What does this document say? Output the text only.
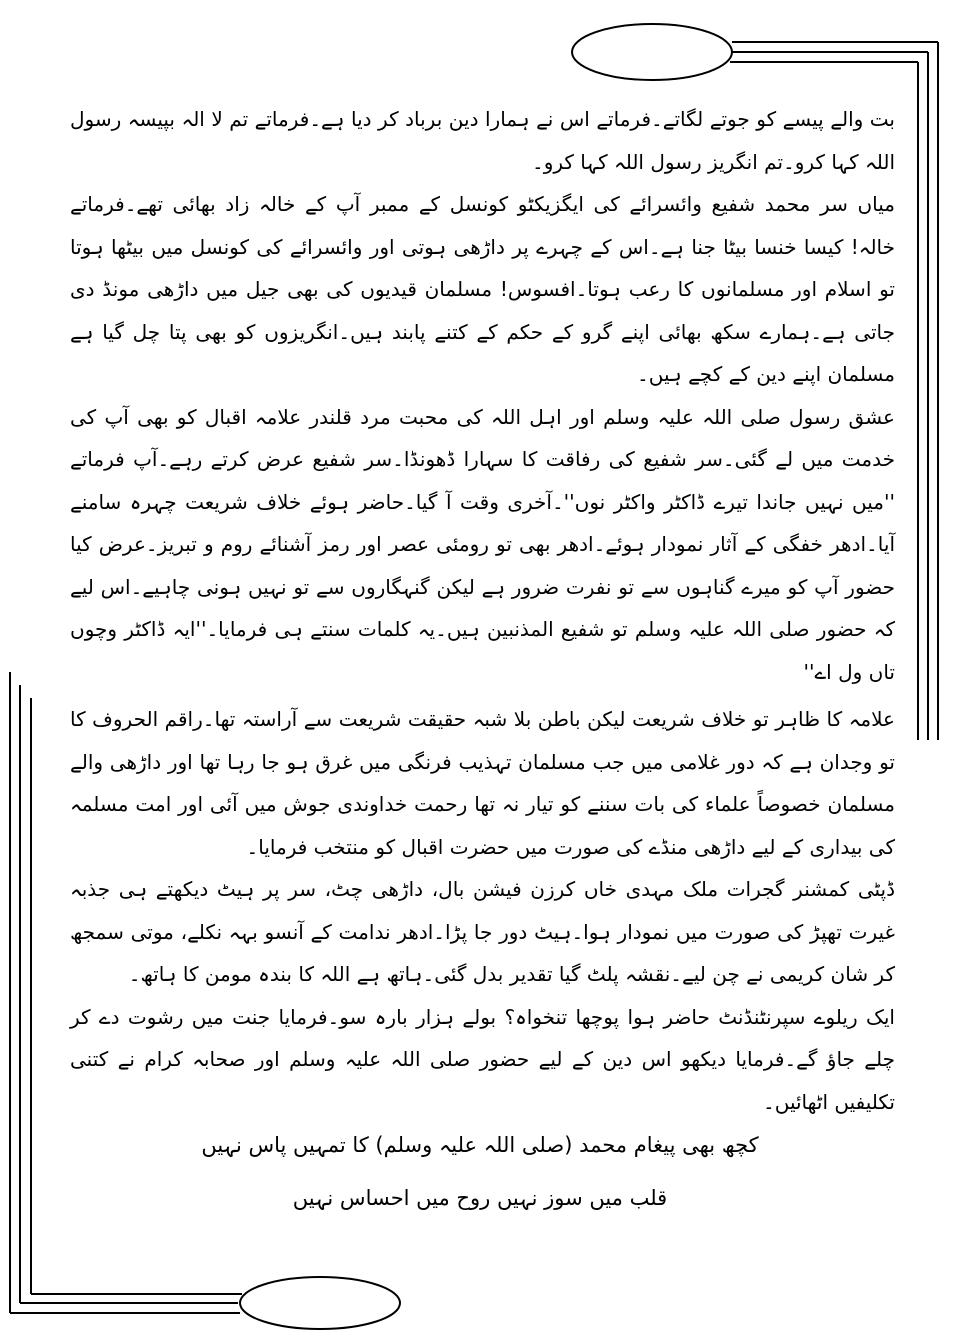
بت والے پیسے کو جوتے لگاتے۔فرماتے اس نے ہمارا دین برباد کر دیا ہے۔فرماتے تم لا الہ بپیسہ رسول اللہ کہا کرو۔تم انگریز رسول اللہ کہا کرو۔

میاں سر محمد شفیع وائسرائے کی ایگزیکٹو کونسل کے ممبر آپ کے خالہ زاد بھائی تھے۔فرماتے خالہ! کیسا خنسا بیٹا جنا ہے۔اس کے چہرے پر داڑھی ہوتی اور وائسرائے کی کونسل میں بیٹھا ہوتا تو اسلام اور مسلمانوں کا رعب ہوتا۔افسوس! مسلمان قیدیوں کی بھی جیل میں داڑھی مونڈ دی جاتی ہے۔ہمارے سکھ بھائی اپنے گرو کے حکم کے کتنے پابند ہیں۔انگریزوں کو بھی پتا چل گیا ہے مسلمان اپنے دین کے کچے ہیں۔

عشق رسول صلی اللہ علیہ وسلم اور اہل اللہ کی محبت مرد قلندر علامہ اقبال کو بھی آپ کی خدمت میں لے گئی۔سر شفیع کی رفاقت کا سہارا ڈھونڈا۔سر شفیع عرض کرتے رہے۔آپ فرماتے ''میں نہیں جاندا تیرے ڈاکٹر واکٹر نوں''۔آخری وقت آ گیا۔حاضر ہوئے خلاف شریعت چہرہ سامنے آیا۔ادھر خفگی کے آثار نمودار ہوئے۔ادھر بھی تو رومئی عصر اور رمز آشنائے روم و تبریز۔عرض کیا حضور آپ کو میرے گناہوں سے تو نفرت ضرور ہے لیکن گنہگاروں سے تو نہیں ہونی چاہیے۔اس لیے کہ حضور صلی اللہ علیہ وسلم تو شفیع المذنبین ہیں۔یہ کلمات سنتے ہی فرمایا۔''ایہ ڈاکٹر وچوں تاں ول اے''

علامہ کا ظاہر تو خلاف شریعت لیکن باطن بلا شبہ حقیقت شریعت سے آراستہ تھا۔راقم الحروف کا تو وجدان ہے کہ دور غلامی میں جب مسلمان تہذیب فرنگی میں غرق ہو جا رہا تھا اور داڑھی والے مسلمان خصوصاً علماء کی بات سننے کو تیار نہ تھا رحمت خداوندی جوش میں آئی اور امت مسلمہ کی بیداری کے لیے داڑھی منڈے کی صورت میں حضرت اقبال کو منتخب فرمایا۔

ڈپٹی کمشنر گجرات ملک مہدی خاں کرزن فیشن بال، داڑھی چٹ، سر پر ہیٹ دیکھتے ہی جذبہ غیرت تھپڑ کی صورت میں نمودار ہوا۔ہیٹ دور جا پڑا۔ادھر ندامت کے آنسو بہہ نکلے، موتی سمجھ کر شان کریمی نے چن لیے۔نقشہ پلٹ گیا تقدیر بدل گئی۔ہاتھ ہے اللہ کا بندہ مومن کا ہاتھ۔

ایک ریلوے سپرنٹنڈنٹ حاضر ہوا پوچھا تنخواہ؟ بولے ہزار بارہ سو۔فرمایا جنت میں رشوت دے کر چلے جاؤ گے۔فرمایا دیکھو اس دین کے لیے حضور صلی اللہ علیہ وسلم اور صحابہ کرام نے کتنی تکلیفیں اٹھائیں۔

کچھ بھی پیغام محمد (صلی اللہ علیہ وسلم) کا تمہیں پاس نہیں
قلب میں سوز نہیں روح میں احساس نہیں
